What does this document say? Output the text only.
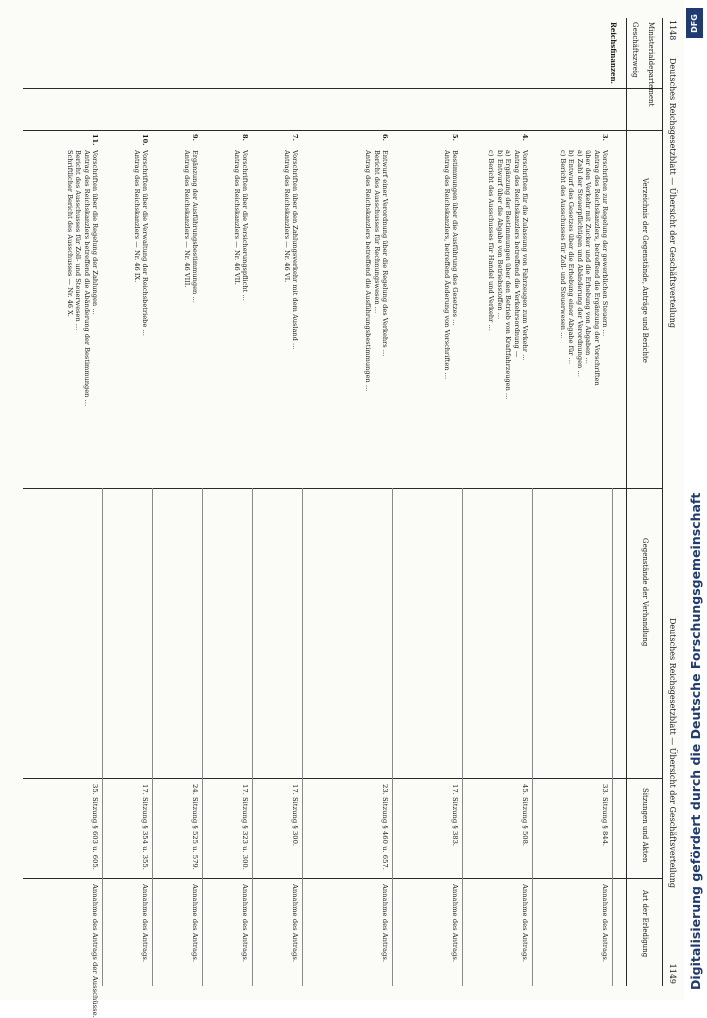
1148
Deutsches Reichsgesetzblatt — Übersicht der Geschäftsverteilung
Deutsches Reichsgesetzblatt — Übersicht der Geschäftsverteilung
1149
Ministerialdepartement
Geschäftszweig
Verzeichnis der Gegenstände, Anträge und Berichte
Gegenstände der Verhandlung
Sitzungen und Akten
Art der Erledigung
Reichsfinanzen.
3.

Vorschriften zur Regelung der gewerblichen Steuern …

Antrag des Reichskanzlers, betreffend die Ergänzung der Vorschriften

über den Verkehr mit Zucker und die Erhebung von Abgaben …

a) Zahl der Steuerpflichtigen und Abänderung der Verordnungen …

b) Entwurf des Gesetzes über die Erhebung einer Abgabe für …

c) Bericht des Ausschusses für Zoll- und Steuerwesen …

33. Sitzung § 844.
Annahme des Antrags.
4.

Vorschriften für die Zulassung von Fahrzeugen zum Verkehr …

Antrag des Reichskanzlers betreffend die Verkehrsordnung —

a) Ergänzung der Bestimmungen über den Betrieb von Kraftfahrzeugen …

b) Entwurf über die Abgabe von Betriebsstoffen …

c) Bericht des Ausschusses für Handel und Verkehr …

45. Sitzung § 508.
Annahme des Antrags.
5.

Bestimmungen über die Ausführung des Gesetzes …

Antrag des Reichskanzlers, betreffend Änderung von Vorschriften …

17. Sitzung § 383.
Annahme des Antrags.
6.

Entwurf einer Verordnung über die Regelung des Verkehrs …

Bericht des Ausschusses für Rechnungswesen …

Antrag des Reichskanzlers betreffend die Ausführungsbestimmungen …

23. Sitzung § 460 u. 657.
Annahme des Antrags.
7.

Vorschriften über den Zahlungsverkehr mit dem Ausland …

Antrag des Reichskanzlers — Nr. 46 VI.

17. Sitzung § 300.
Annahme des Antrags.
8.

Vorschriften über die Versicherungspflicht …

Antrag des Reichskanzlers — Nr. 46 VII.

17. Sitzung § 323 u. 300.
Annahme des Antrags.
9.

Ergänzung der Ausführungsbestimmungen …

Antrag des Reichskanzlers — Nr. 46 VIII.

24. Sitzung § 525 u. 579.
Annahme des Antrags.
10.

Vorschriften über die Verwaltung der Reichsbetriebe …

Antrag des Reichskanzlers — Nr. 46 IX.

17. Sitzung § 354 u. 355.
Annahme des Antrags.
11.

Vorschriften über die Regelung der Zahlungen …

Antrag des Reichskanzlers betreffend die Abänderung der Bestimmungen …

Bericht des Ausschusses für Zoll- und Steuerwesen …

Schriftlicher Bericht des Ausschusses — Nr. 46 X.

35. Sitzung § 603 u. 605.
Annahme des Antrags der Ausschüsse.
DFG
Digitalisierung gefördert durch die Deutsche Forschungsgemeinschaft
